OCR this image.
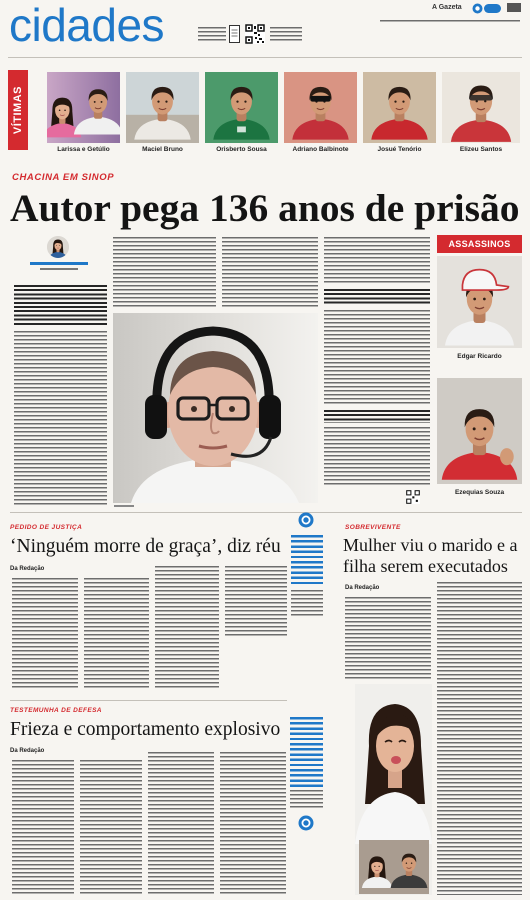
cidades	A Gazeta
VÍTIMAS
Larissa e Getúlio	Maciel Bruno	Orisberto Sousa	Adriano Balbinote	Josué Tenório	Elizeu Santos
CHACINA EM SINOP
Autor pega 136 anos de prisão
ASSASSINOS
Edgar Ricardo
Ezequias Souza
PEDIDO DE JUSTIÇA
‘Ninguém morre de graça’, diz réu
Da Redação
SOBREVIVENTE
Mulher viu o marido e a filha serem executados
Da Redação
TESTEMUNHA DE DEFESA
Frieza e comportamento explosivo
Da Redação
